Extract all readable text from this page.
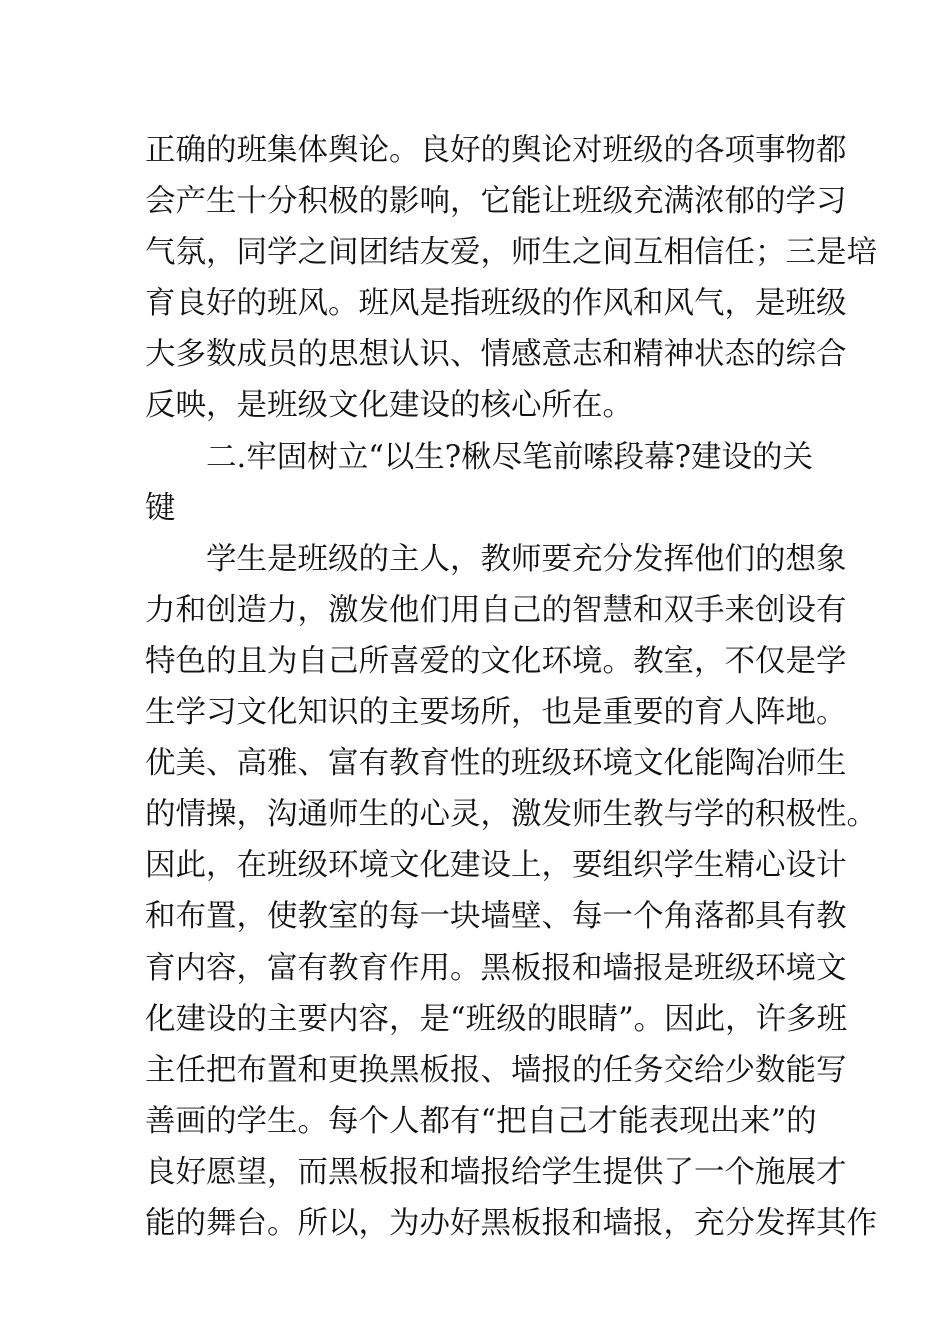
正确的班集体舆论。良好的舆论对班级的各项事物都
会产生十分积极的影响，它能让班级充满浓郁的学习
气氛，同学之间团结友爱，师生之间互相信任；三是培
育良好的班风。班风是指班级的作风和风气，是班级
大多数成员的思想认识、情感意志和精神状态的综合
反映，是班级文化建设的核心所在。
二.牢固树立“以生?楸尽笔前嗦段幕?建设的关
键
学生是班级的主人，教师要充分发挥他们的想象
力和创造力，激发他们用自己的智慧和双手来创设有
特色的且为自己所喜爱的文化环境。教室，不仅是学
生学习文化知识的主要场所，也是重要的育人阵地。
优美、高雅、富有教育性的班级环境文化能陶冶师生
的情操，沟通师生的心灵，激发师生教与学的积极性。
因此，在班级环境文化建设上，要组织学生精心设计
和布置，使教室的每一块墙壁、每一个角落都具有教
育内容，富有教育作用。黑板报和墙报是班级环境文
化建设的主要内容，是“班级的眼睛”。因此，许多班
主任把布置和更换黑板报、墙报的任务交给少数能写
善画的学生。每个人都有“把自己才能表现出来”的
良好愿望，而黑板报和墙报给学生提供了一个施展才
能的舞台。所以，为办好黑板报和墙报，充分发挥其作
